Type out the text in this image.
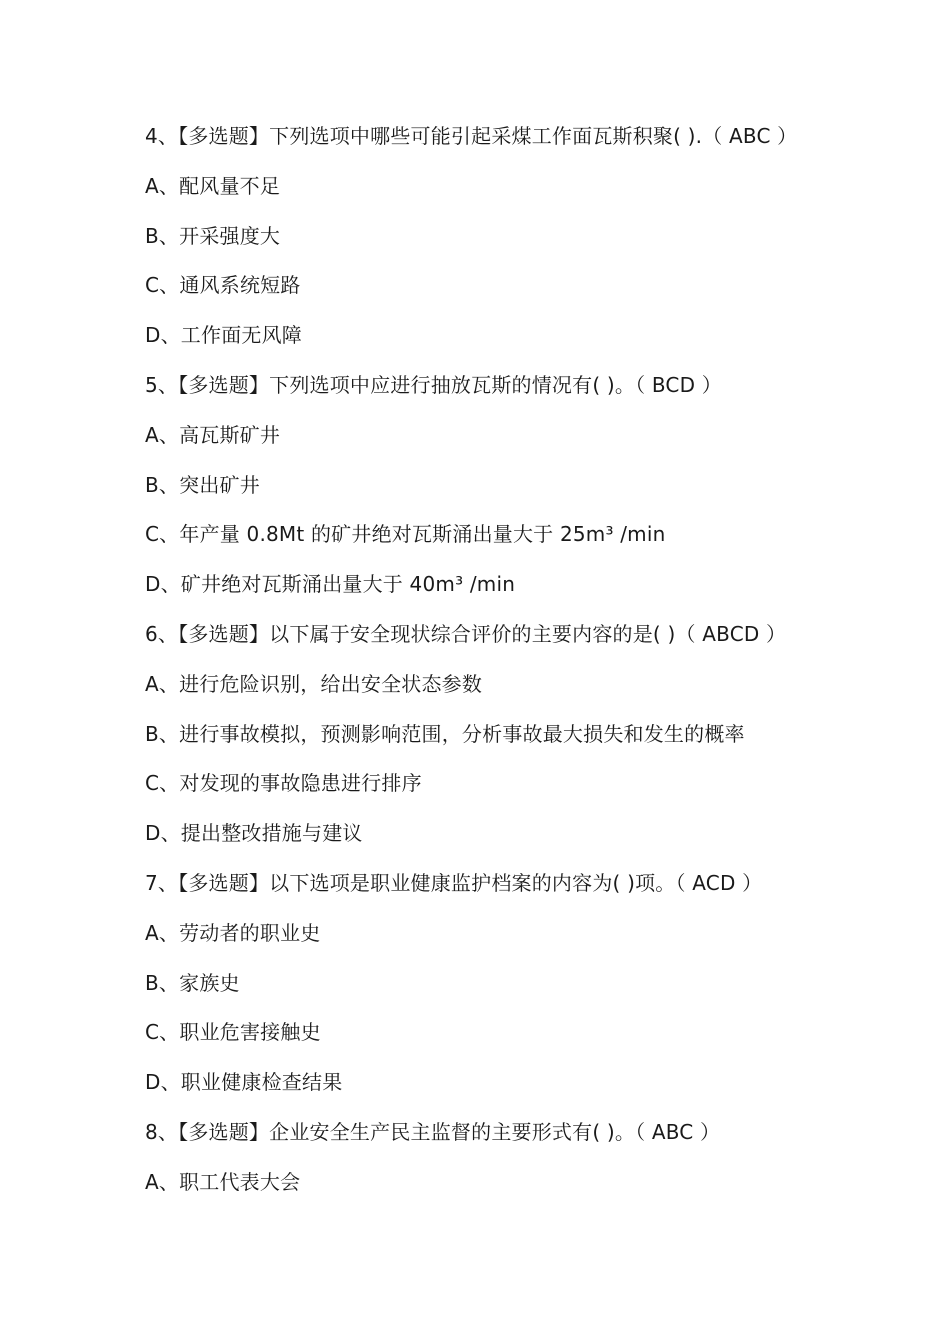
4、【多选题】下列选项中哪些可能引起采煤工作面瓦斯积聚( ).（ ABC ）
A、配风量不足
B、开采强度大
C、通风系统短路
D、工作面无风障
5、【多选题】下列选项中应进行抽放瓦斯的情况有( )。（ BCD ）
A、高瓦斯矿井
B、突出矿井
C、年产量 0.8Mt 的矿井绝对瓦斯涌出量大于 25m³ /min
D、矿井绝对瓦斯涌出量大于 40m³ /min
6、【多选题】以下属于安全现状综合评价的主要内容的是( )（ ABCD ）
A、进行危险识别，给出安全状态参数
B、进行事故模拟，预测影响范围，分析事故最大损失和发生的概率
C、对发现的事故隐患进行排序
D、提出整改措施与建议
7、【多选题】以下选项是职业健康监护档案的内容为( )项。（ ACD ）
A、劳动者的职业史
B、家族史
C、职业危害接触史
D、职业健康检查结果
8、【多选题】企业安全生产民主监督的主要形式有( )。（ ABC ）
A、职工代表大会
